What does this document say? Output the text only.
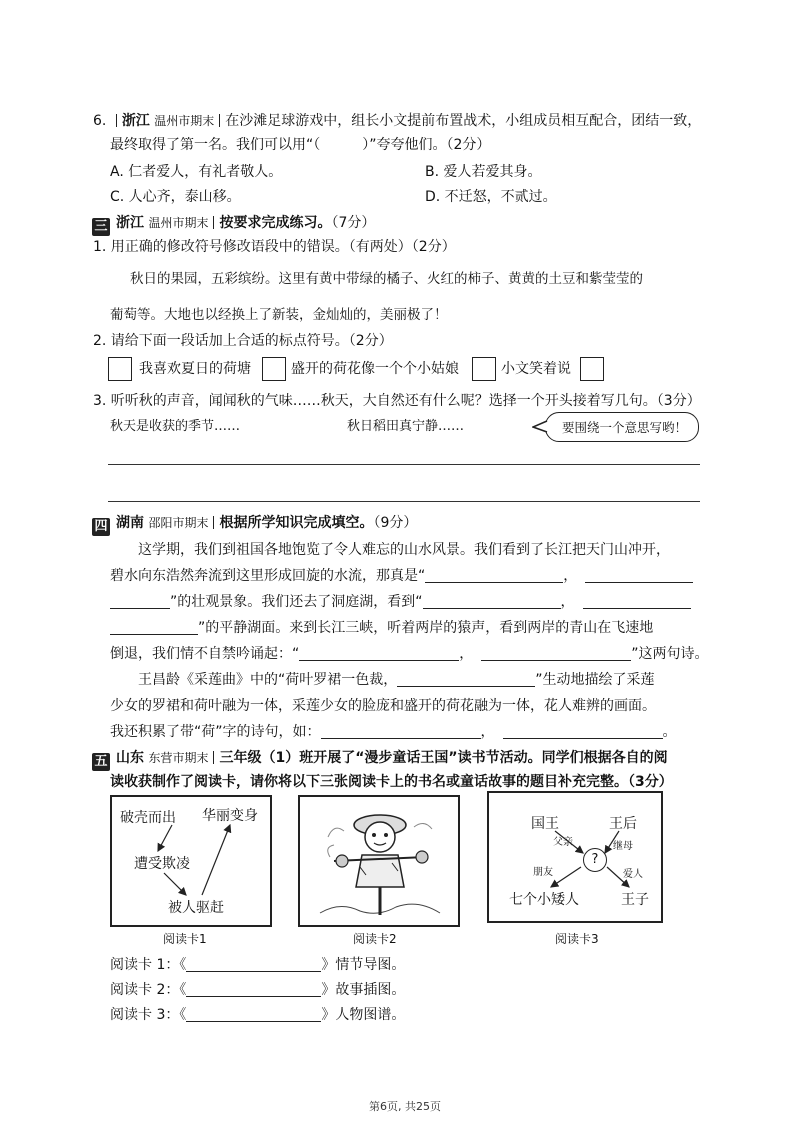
6. 浙江 温州市期末 在沙滩足球游戏中，组长小文提前布置战术，小组成员相互配合，团结一致，
最终取得了第一名。我们可以用“（　　　）”夸夸他们。（2分）
A. 仁者爱人，有礼者敬人。	B. 爱人若爱其身。
C. 人心齐，泰山移。	D. 不迁怒，不贰过。
三 浙江 温州市期末 按要求完成练习。（7分）
1. 用正确的修改符号修改语段中的错误。（有两处）（2分）
秋日的果园，五彩缤纷。这里有黄中带绿的橘子、火红的柿子、黄黄的土豆和紫莹莹的
葡萄等。大地也以经换上了新装，金灿灿的，美丽极了！
2. 请给下面一段话加上合适的标点符号。（2分）
我喜欢夏日的荷塘	盛开的荷花像一个个小姑娘	小文笑着说
3. 听听秋的声音，闻闻秋的气味……秋天，大自然还有什么呢？选择一个开头接着写几句。（3分）
秋天是收获的季节……	秋日稻田真宁静……	要围绕一个意思写哟！
四 湖南 邵阳市期末 根据所学知识完成填空。（9分）
这学期，我们到祖国各地饱览了令人难忘的山水风景。我们看到了长江把天门山冲开，
碧水向东浩然奔流到这里形成回旋的水流，那真是“	，
”的壮观景象。我们还去了洞庭湖，看到“	，
”的平静湖面。来到长江三峡，听着两岸的猿声，看到两岸的青山在飞速地
倒退，我们情不自禁吟诵起：“	，	”这两句诗。
王昌龄《采莲曲》中的“荷叶罗裙一色裁，	”生动地描绘了采莲
少女的罗裙和荷叶融为一体，采莲少女的脸庞和盛开的荷花融为一体，花人难辨的画面。
我还积累了带“荷”字的诗句，如：	，	。
五 山东 东营市期末 三年级（1）班开展了“漫步童话王国”读书节活动。同学们根据各自的阅
读收获制作了阅读卡，请你将以下三张阅读卡上的书名或童话故事的题目补充完整。（3分）
破壳而出 华丽变身
遭受欺凌
被人驱赶
阅读卡1	阅读卡2
国王	王后
父亲	继母
?
朋友	爱人
七个小矮人	王子
阅读卡3
阅读卡 1：《	》情节导图。
阅读卡 2：《	》故事插图。
阅读卡 3：《	》人物图谱。
第6页, 共25页
